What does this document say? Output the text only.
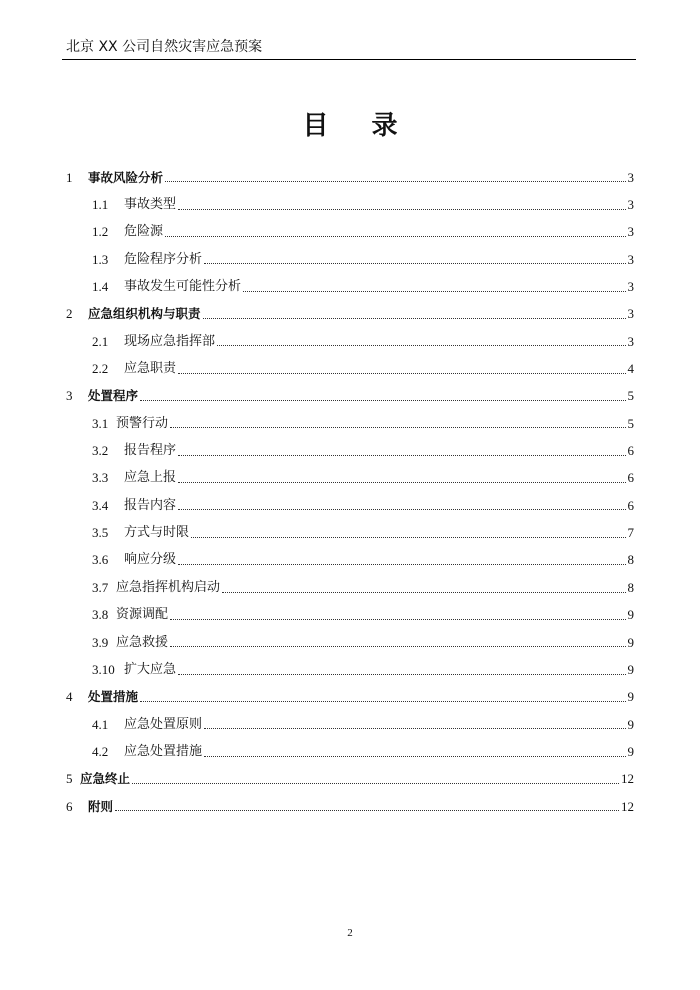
北京 XX 公司自然灾害应急预案
目　录
1	事故风险分析	3
1.1	事故类型	3
1.2	危险源	3
1.3	危险程序分析	3
1.4	事故发生可能性分析	3
2	应急组织机构与职责	3
2.1	现场应急指挥部	3
2.2	应急职责	4
3	处置程序	5
3.1 预警行动	5
3.2	报告程序	6
3.3	应急上报	6
3.4	报告内容	6
3.5	方式与时限	7
3.6	响应分级	8
3.7 应急指挥机构启动	8
3.8 资源调配	9
3.9 应急救援	9
3.10 扩大应急	9
4	处置措施	9
4.1	应急处置原则	9
4.2	应急处置措施	9
5 应急终止	12
6	附则	12
2
